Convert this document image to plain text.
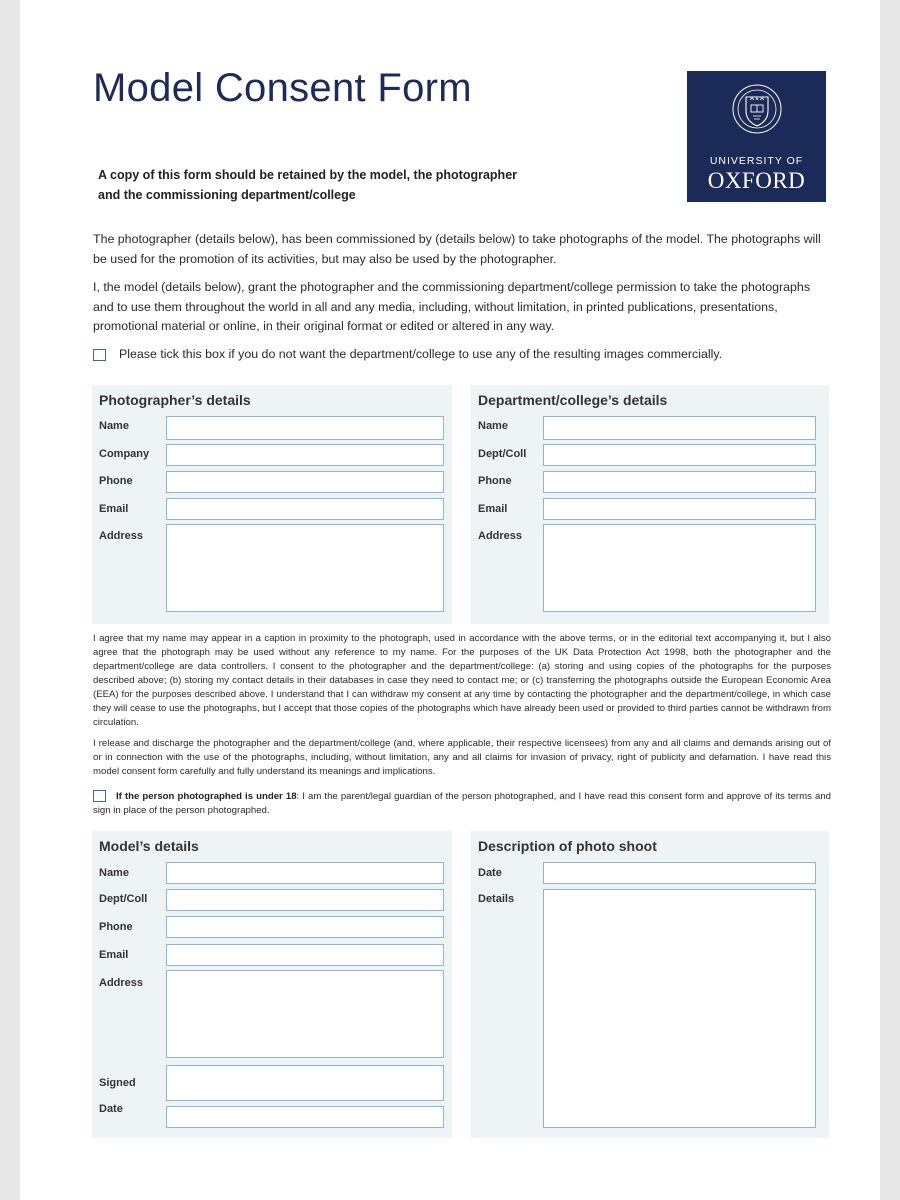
Model Consent Form
UNIVERSITY OF
OXFORD
A copy of this form should be retained by the model, the photographer and the commissioning department/college
The photographer (details below), has been commissioned by (details below) to take photographs of the model. The photographs will be used for the promotion of its activities, but may also be used by the photographer.
I, the model (details below), grant the photographer and the commissioning department/college permission to take the photographs and to use them throughout the world in all and any media, including, without limitation, in printed publications, presentations, promotional material or online, in their original format or edited or altered in any way.
Please tick this box if you do not want the department/college to use any of the resulting images commercially.
Photographer’s details
Name
Company
Phone
Email
Address
Department/college’s details
Name
Dept/Coll
Phone
Email
Address
I agree that my name may appear in a caption in proximity to the photograph, used in accordance with the above terms, or in the editorial text accompanying it, but I also agree that the photograph may be used without any reference to my name. For the purposes of the UK Data Protection Act 1998, both the photographer and the department/college are data controllers. I consent to the photographer and the department/college: (a) storing and using copies of the photographs for the purposes described above; (b) storing my contact details in their databases in case they need to contact me; or (c) transferring the photographs outside the European Economic Area (EEA) for the purposes described above. I understand that I can withdraw my consent at any time by contacting the photographer and the department/college, in which case they will cease to use the photographs, but I accept that those copies of the photographs which have already been used or provided to third parties cannot be withdrawn from circulation.
I release and discharge the photographer and the department/college (and, where applicable, their respective licensees) from any and all claims and demands arising out of or in connection with the use of the photographs, including, without limitation, any and all claims for invasion of privacy, right of publicity and defamation. I have read this model consent form carefully and fully understand its meanings and implications.
If the person photographed is under 18: I am the parent/legal guardian of the person photographed, and I have read this consent form and approve of its terms and sign in place of the person photographed.
Model’s details
Name
Dept/Coll
Phone
Email
Address
Signed
Date
Description of photo shoot
Date
Details
